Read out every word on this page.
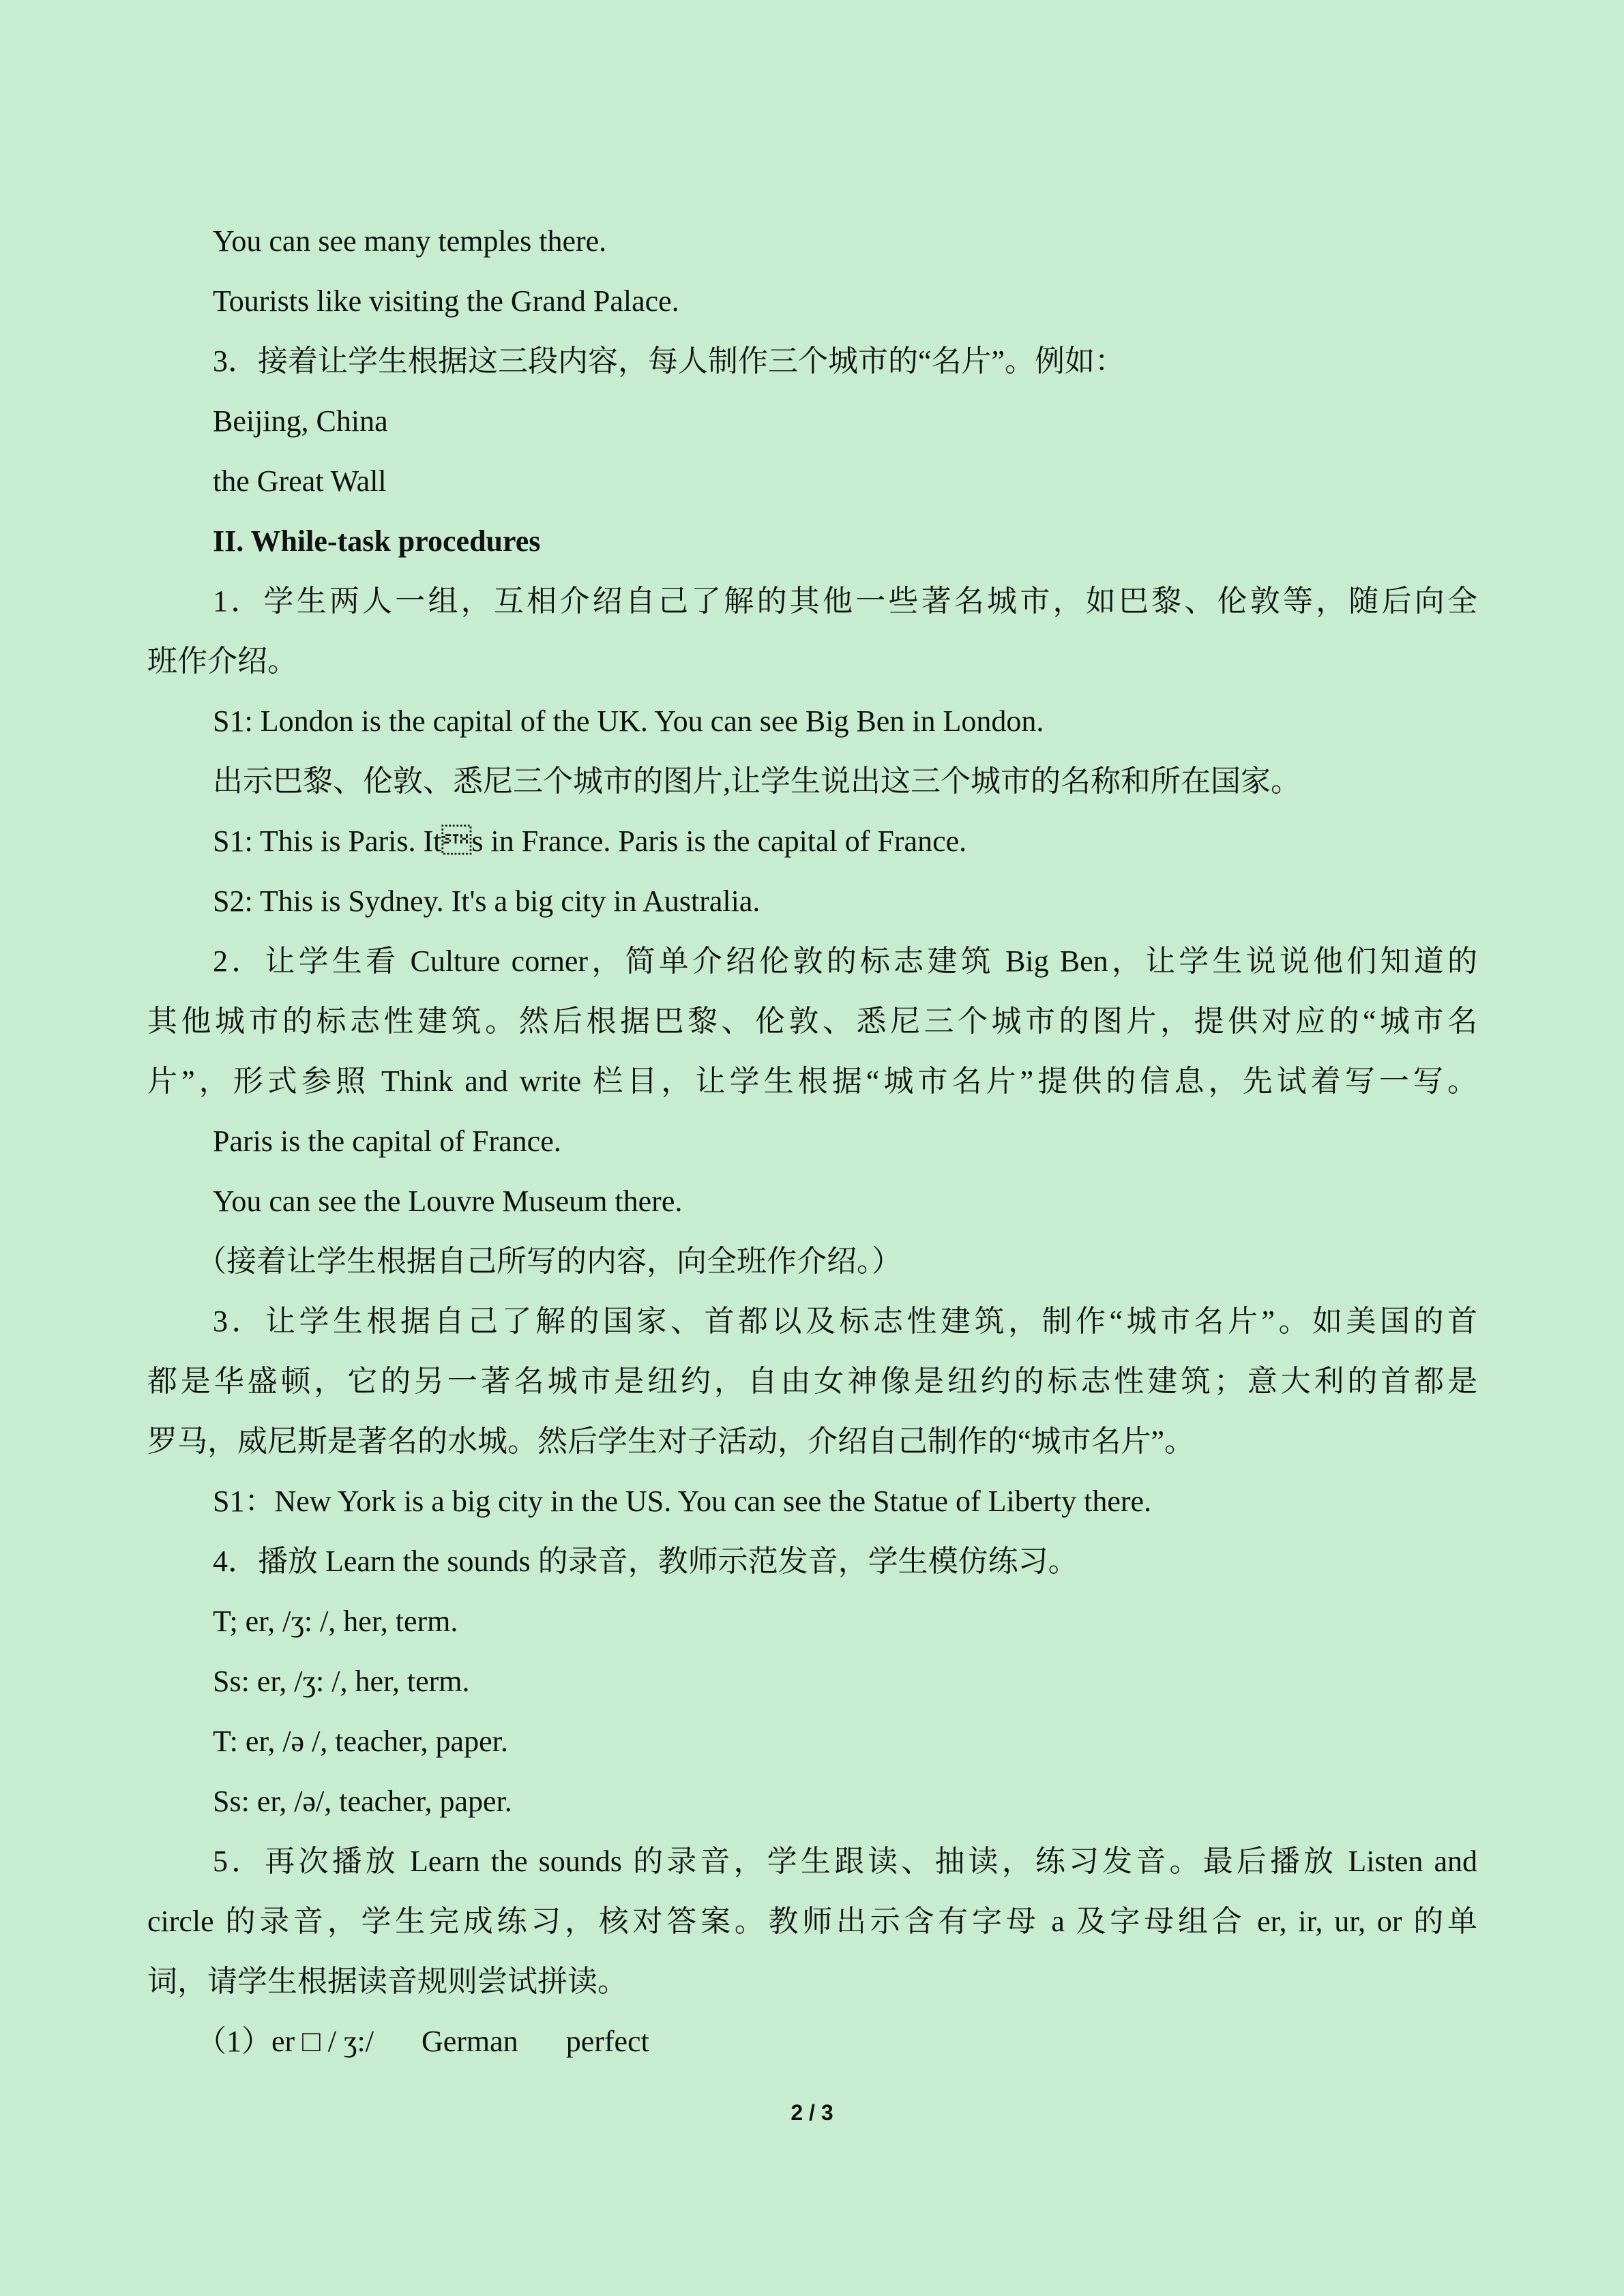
You can see many temples there.

Tourists like visiting the Grand Palace.

3．接着让学生根据这三段内容，每人制作三个城市的“名片”。例如：

Beijing, China

the Great Wall

II. While-task procedures

1．学生两人一组，互相介绍自己了解的其他一些著名城市，如巴黎、伦敦等，随后向全

班作介绍。

S1: London is the capital of the UK. You can see Big Ben in London.

出示巴黎、伦敦、悉尼三个城市的图片,让学生说出这三个城市的名称和所在国家。

S1: This is Paris. Its in France. Paris is the capital of France.

S2: This is Sydney. It's a big city in Australia.

2．让学生看 Culture corner，简单介绍伦敦的标志建筑 Big Ben，让学生说说他们知道的

其他城市的标志性建筑。然后根据巴黎、伦敦、悉尼三个城市的图片，提供对应的“城市名

片”，形式参照 Think and write 栏目，让学生根据“城市名片”提供的信息，先试着写一写。

Paris is the capital of France.

You can see the Louvre Museum there.

（接着让学生根据自己所写的内容，向全班作介绍。）

3．让学生根据自己了解的国家、首都以及标志性建筑，制作“城市名片”。如美国的首

都是华盛顿，它的另一著名城市是纽约，自由女神像是纽约的标志性建筑；意大利的首都是

罗马，威尼斯是著名的水城。然后学生对子活动，介绍自己制作的“城市名片”。

S1：New York is a big city in the US. You can see the Statue of Liberty there.

4．播放 Learn the sounds 的录音，教师示范发音，学生模仿练习。

T; er, /ʒ: /, her, term.

Ss: er, /ʒ: /, her, term.

T: er, /ə /, teacher, paper.

Ss: er, /ə/, teacher, paper.

5．再次播放 Learn the sounds 的录音，学生跟读、抽读，练习发音。最后播放 Listen and

circle 的录音，学生完成练习，核对答案。教师出示含有字母 a 及字母组合 er, ir, ur, or 的单

词，请学生根据读音规则尝试拼读。

（1）er □ / ʒ:/ German perfect

2 / 3
